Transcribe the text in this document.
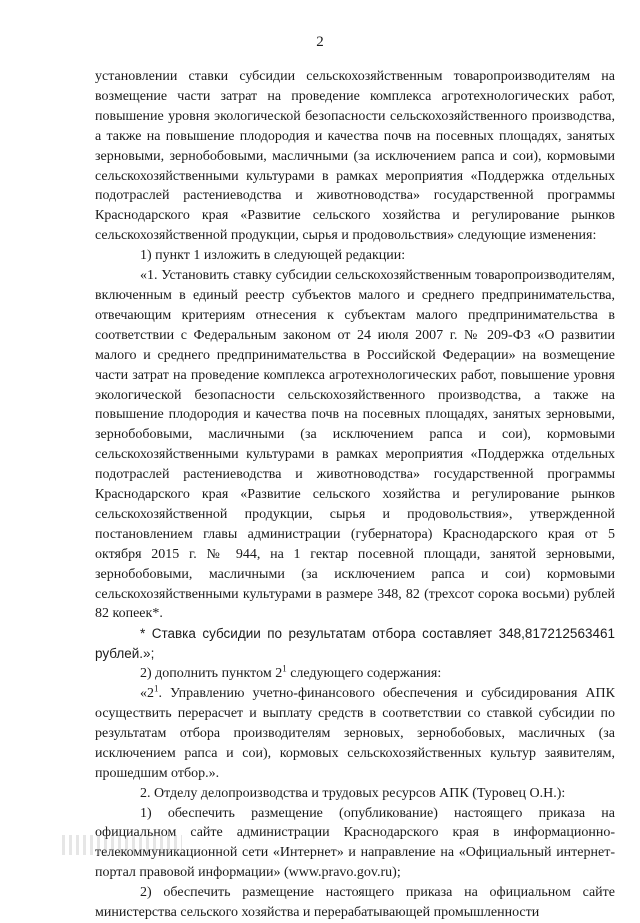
2

установлении ставки субсидии сельскохозяйственным товаропроизводителям на возмещение части затрат на проведение комплекса агротехнологических работ, повышение уровня экологической безопасности сельскохозяйственного производства, а также на повышение плодородия и качества почв на посевных площадях, занятых зерновыми, зернобобовыми, масличными (за исключением рапса и сои), кормовыми сельскохозяйственными культурами в рамках мероприятия «Поддержка отдельных подотраслей растениеводства и животноводства» государственной программы Краснодарского края «Развитие сельского хозяйства и регулирование рынков сельскохозяйственной продукции, сырья и продовольствия» следующие изменения:

1) пункт 1 изложить в следующей редакции:

«1. Установить ставку субсидии сельскохозяйственным товаропроизводителям, включенным в единый реестр субъектов малого и среднего предпринимательства, отвечающим критериям отнесения к субъектам малого предпринимательства в соответствии с Федеральным законом от 24 июля 2007 г. № 209-ФЗ «О развитии малого и среднего предпринимательства в Российской Федерации» на возмещение части затрат на проведение комплекса агротехнологических работ, повышение уровня экологической безопасности сельскохозяйственного производства, а также на повышение плодородия и качества почв на посевных площадях, занятых зерновыми, зернобобовыми, масличными (за исключением рапса и сои), кормовыми сельскохозяйственными культурами в рамках мероприятия «Поддержка отдельных подотраслей растениеводства и животноводства» государственной программы Краснодарского края «Развитие сельского хозяйства и регулирование рынков сельскохозяйственной продукции, сырья и продовольствия», утвержденной постановлением главы администрации (губернатора) Краснодарского края от 5 октября 2015 г. № 944, на 1 гектар посевной площади, занятой зерновыми, зернобобовыми, масличными (за исключением рапса и сои) кормовыми сельскохозяйственными культурами в размере 348, 82 (трехсот сорока восьми) рублей 82 копеек*.

* Ставка субсидии по результатам отбора составляет 348,817212563461 рублей.»;

2) дополнить пунктом $2^1$ следующего содержания:

«$2^1$. Управлению учетно-финансового обеспечения и субсидирования АПК осуществить перерасчет и выплату средств в соответствии со ставкой субсидии по результатам отбора производителям зерновых, зернобобовых, масличных (за исключением рапса и сои), кормовых сельскохозяйственных культур заявителям, прошедшим отбор.».

2. Отделу делопроизводства и трудовых ресурсов АПК (Туровец О.Н.):

1) обеспечить размещение (опубликование) настоящего приказа на официальном сайте администрации Краснодарского края в информационно-телекоммуникационной сети «Интернет» и направление на «Официальный интернет-портал правовой информации» (www.pravo.gov.ru);

2) обеспечить размещение настоящего приказа на официальном сайте министерства сельского хозяйства и перерабатывающей промышленности
